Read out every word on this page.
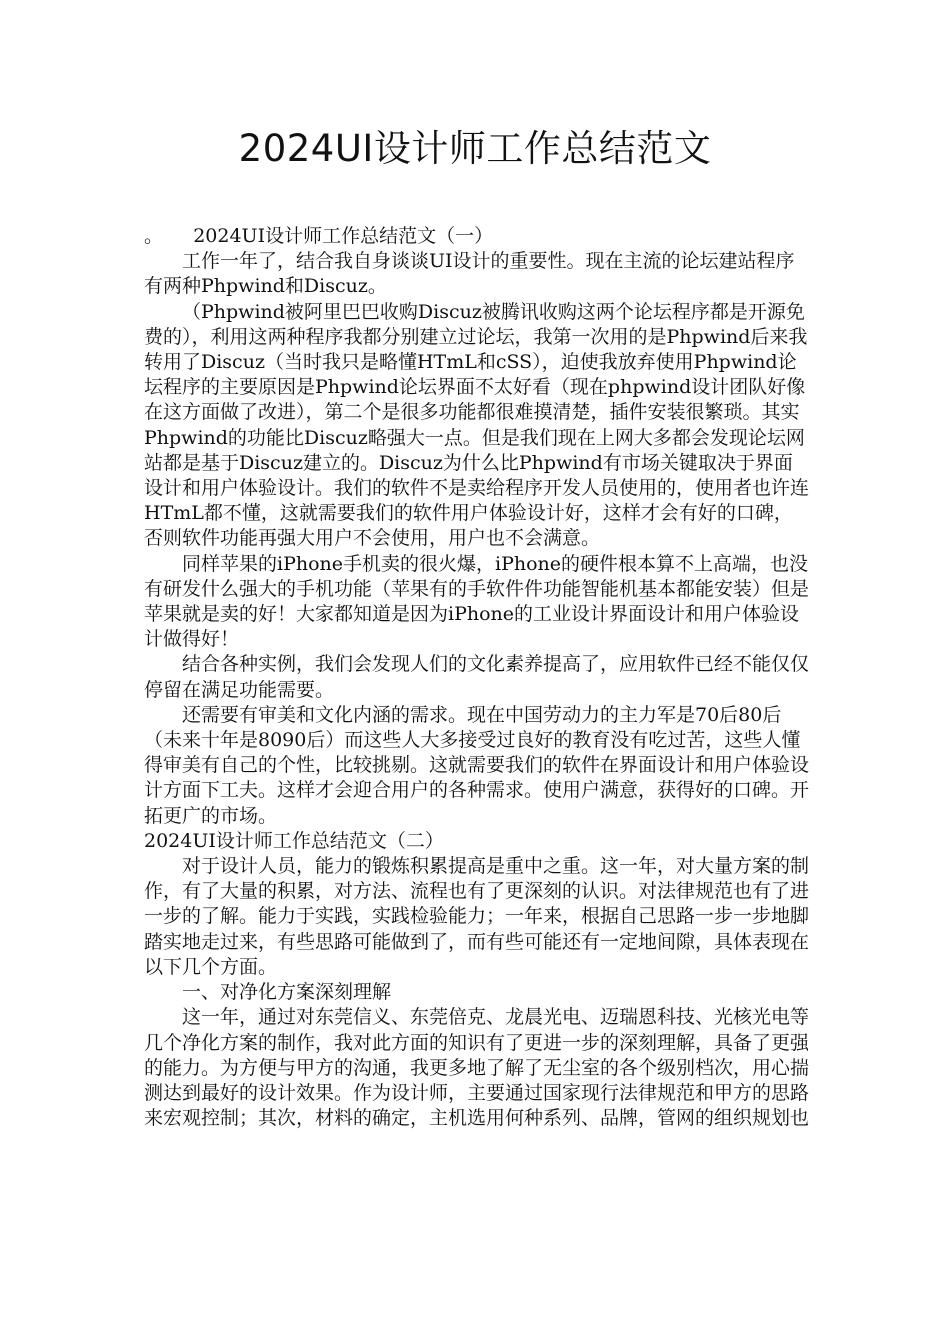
2024UI设计师工作总结范文

。     2024UI设计师工作总结范文（一）

工作一年了，结合我自身谈谈UI设计的重要性。现在主流的论坛建站程序有两种Phpwind和Discuz。

（Phpwind被阿里巴巴收购Discuz被腾讯收购这两个论坛程序都是开源免费的），利用这两种程序我都分别建立过论坛，我第一次用的是Phpwind后来我转用了Discuz（当时我只是略懂HTmL和cSS），迫使我放弃使用Phpwind论坛程序的主要原因是Phpwind论坛界面不太好看（现在phpwind设计团队好像在这方面做了改进），第二个是很多功能都很难摸清楚，插件安装很繁琐。其实Phpwind的功能比Discuz略强大一点。但是我们现在上网大多都会发现论坛网站都是基于Discuz建立的。Discuz为什么比Phpwind有市场关键取决于界面设计和用户体验设计。我们的软件不是卖给程序开发人员使用的，使用者也许连HTmL都不懂，这就需要我们的软件用户体验设计好，这样才会有好的口碑，否则软件功能再强大用户不会使用，用户也不会满意。

同样苹果的iPhone手机卖的很火爆，iPhone的硬件根本算不上高端，也没有研发什么强大的手机功能（苹果有的手软件件功能智能机基本都能安装）但是苹果就是卖的好！大家都知道是因为iPhone的工业设计界面设计和用户体验设计做得好！

结合各种实例，我们会发现人们的文化素养提高了，应用软件已经不能仅仅停留在满足功能需要。

还需要有审美和文化内涵的需求。现在中国劳动力的主力军是70后80后（未来十年是8090后）而这些人大多接受过良好的教育没有吃过苦，这些人懂得审美有自己的个性，比较挑剔。这就需要我们的软件在界面设计和用户体验设计方面下工夫。这样才会迎合用户的各种需求。使用户满意，获得好的口碑。开拓更广的市场。

2024UI设计师工作总结范文（二）

对于设计人员，能力的锻炼积累提高是重中之重。这一年，对大量方案的制作，有了大量的积累，对方法、流程也有了更深刻的认识。对法律规范也有了进一步的了解。能力于实践，实践检验能力；一年来，根据自己思路一步一步地脚踏实地走过来，有些思路可能做到了，而有些可能还有一定地间隙，具体表现在以下几个方面。

一、对净化方案深刻理解

这一年，通过对东莞信义、东莞倍克、龙晨光电、迈瑞恩科技、光核光电等几个净化方案的制作，我对此方面的知识有了更进一步的深刻理解，具备了更强的能力。为方便与甲方的沟通，我更多地了解了无尘室的各个级别档次，用心揣测达到最好的设计效果。作为设计师，主要通过国家现行法律规范和甲方的思路来宏观控制；其次，材料的确定，主机选用何种系列、品牌，管网的组织规划也
